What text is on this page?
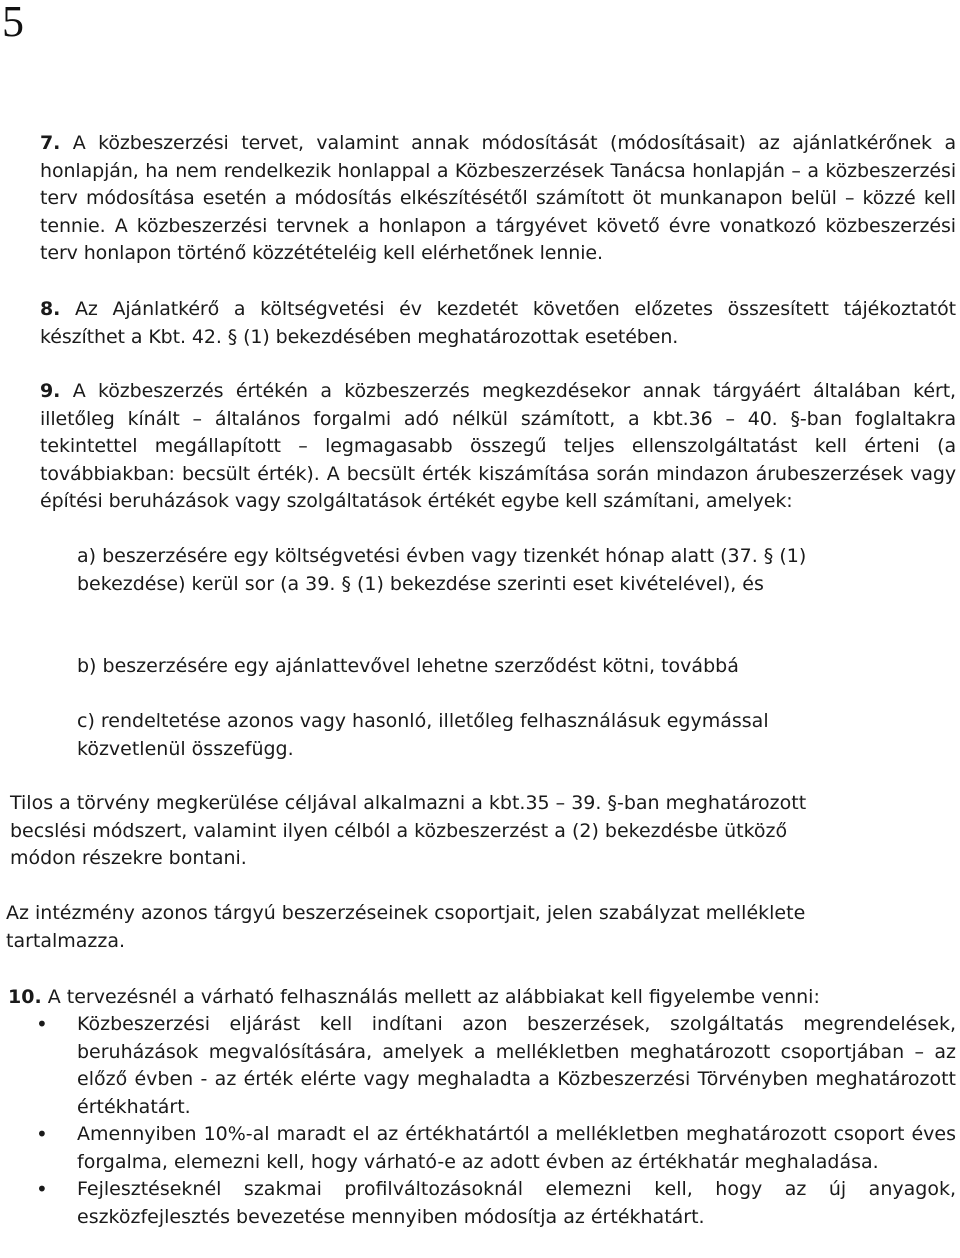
5
7. A közbeszerzési tervet, valamint annak módosítását (módosításait) az ajánlatkérőnek a honlapján, ha nem rendelkezik honlappal a Közbeszerzések Tanácsa honlapján – a közbeszerzési terv módosítása esetén a módosítás elkészítésétől számított öt munkanapon belül – közzé kell tennie. A közbeszerzési tervnek a honlapon a tárgyévet követő évre vonatkozó közbeszerzési terv honlapon történő közzétételéig kell elérhetőnek lennie.
8. Az Ajánlatkérő a költségvetési év kezdetét követően előzetes összesített tájékoztatót készíthet a Kbt. 42. § (1) bekezdésében meghatározottak esetében.
9. A közbeszerzés értékén a közbeszerzés megkezdésekor annak tárgyáért általában kért, illetőleg kínált – általános forgalmi adó nélkül számított, a kbt.36 – 40. §-ban foglaltakra tekintettel megállapított – legmagasabb összegű teljes ellenszolgáltatást kell érteni (a továbbiakban: becsült érték). A becsült érték kiszámítása során mindazon árubeszerzések vagy építési beruházások vagy szolgáltatások értékét egybe kell számítani, amelyek:
a) beszerzésére egy költségvetési évben vagy tizenkét hónap alatt (37. § (1) bekezdése) kerül sor (a 39. § (1) bekezdése szerinti eset kivételével), és
b) beszerzésére egy ajánlattevővel lehetne szerződést kötni, továbbá
c) rendeltetése azonos vagy hasonló, illetőleg felhasználásuk egymással közvetlenül összefügg.
Tilos a törvény megkerülése céljával alkalmazni a kbt.35 – 39. §-ban meghatározott becslési módszert, valamint ilyen célból a közbeszerzést a (2) bekezdésbe ütköző módon részekre bontani.
Az intézmény azonos tárgyú beszerzéseinek csoportjait, jelen szabályzat melléklete tartalmazza.
10. A tervezésnél a várható felhasználás mellett az alábbiakat kell figyelembe venni:
• Közbeszerzési eljárást kell indítani azon beszerzések, szolgáltatás megrendelések, beruházások megvalósítására, amelyek a mellékletben meghatározott csoportjában – az előző évben - az érték elérte vagy meghaladta a Közbeszerzési Törvényben meghatározott értékhatárt.
• Amennyiben 10%-al maradt el az értékhatártól a mellékletben meghatározott csoport éves forgalma, elemezni kell, hogy várható-e az adott évben az értékhatár meghaladása.
• Fejlesztéseknél szakmai profilváltozásoknál elemezni kell, hogy az új anyagok, eszközfejlesztés bevezetése mennyiben módosítja az értékhatárt.
